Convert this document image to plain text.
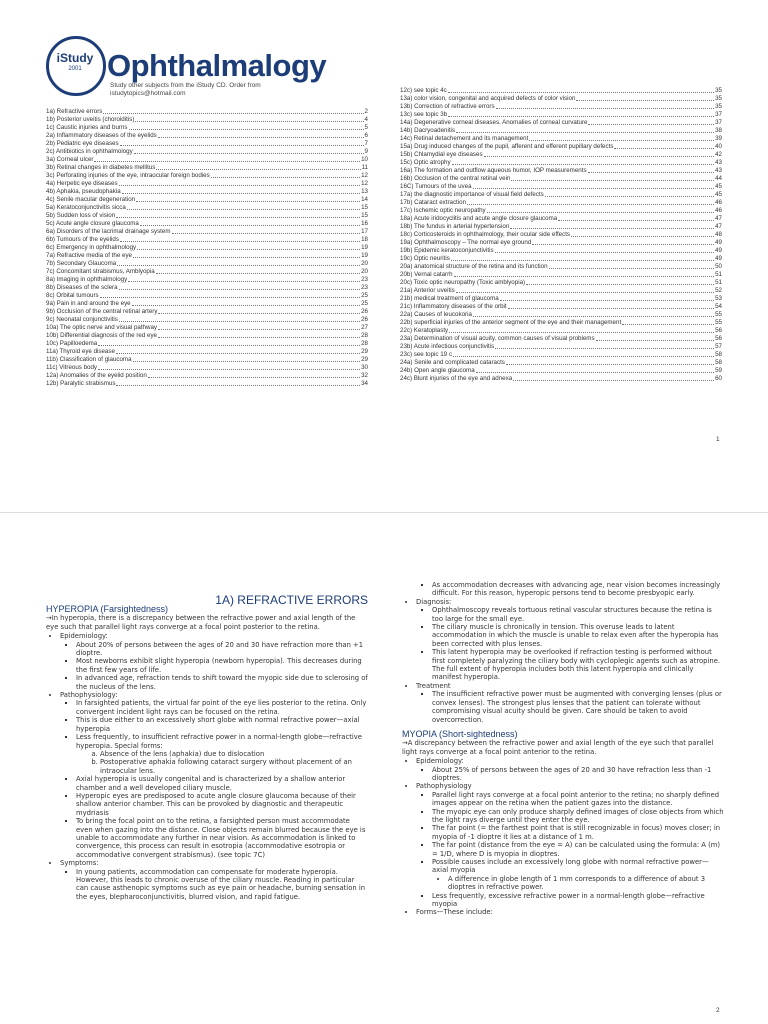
iStudy
2001 Ophthalmalogy
Study other subjects from the iStudy CD. Order from
istudytopics@hotmail.com
1a) Refractive errors	2
1b) Posterior uveitis (choroiditis)	4
1c) Caustic injuries and burns	5
2a) Inflammatory diseases of the eyelids	6
2b) Pediatric eye diseases	7
2c) Antibiotics in ophthalmology	9
3a) Corneal ulcer	10
3b) Retinal changes in diabetes mellitus	11
3c) Perforating injuries of the eye, intraocular foreign bodies	12
4a) Herpetic eye diseases	12
4b) Aphakia, pseudophakia	13
4c) Senile macular degeneration	14
5a) Keratoconjunctivitis sicca	15
5b) Sudden loss of vision	15
5c) Acute angle closure glaucoma	16
6a) Disorders of the lacrimal drainage system	17
6b) Tumours of the eyelids	18
6c) Emergency in ophthalmology	19
7a) Refractive media of the eye	19
7b) Secondary Glaucoma	20
7c) Concomitant strabismus, Amblyopia	20
8a) Imaging in ophthalmology	23
8b) Diseases of the sclera	23
8c) Orbital tumours	25
9a) Pain in and around the eye	25
9b) Occlusion of the central retinal artery	26
9c) Neonatal conjunctivitis	26
10a) The optic nerve and visual pathway	27
10b) Differential diagnosis of the red eye	28
10c) Papilloedema	28
11a) Thyroid eye disease	29
11b) Classification of glaucoma	29
11c) Vitreous body	30
12a) Anomalies of the eyelid position	32
12b) Paralytic strabismus	34
12c) see topic 4c	35
13a) color vision, congenital and acquired defects of color vision	35
13b) Correction of refractive errors	35
13c) see topic 3b	37
14a) Degenerative corneal diseases. Anomalies of corneal curvature	37
14b) Dacryoadenitis	38
14c) Retinal detachement and its management	39
15a) Drug induced changes of the pupil, afferent and efferent pupillary defects	40
15b) Chlamydial eye diseases	42
15c) Optic atrophy	43
16a) The formation and outflow aqueous humor, IOP measurements	43
16b) Occlusion of the central retinal vein	44
16C) Tumours of the uvea	45
17a) the diagnostic importance of visual field defects	45
17b) Cataract extraction	46
17c) Ischemic optic neuropathy	46
18a) Acute iridocyclitis and acute angle closure glaucoma	47
18b) The fundus in arterial hypertension	47
18c) Corticosteroids in ophthalmology, their ocular side effects	48
19a) Ophthalmoscopy – The normal eye ground	49
19b) Epidemic keratoconjunctivitis	49
19c) Optic neuritis	49
20a) anatomical structure of the retina and its function	50
20b) Vernal catarrh	51
20c) Toxic optic neuropathy (Toxic amblyopia)	51
21a) Anterior uveitis	52
21b) medical treatment of glaucoma	53
21c) Inflammatory diseases of the orbit	54
22a) Causes of leucokoria	55
22b) superficial injuries of the anterior segment of the eye and their management	55
22c) Keratoplasty	56
23a) Determination of visual acuity. common causes of visual problems	56
23b) Acute infectious conjunctivitis	57
23c) see topic 19 c	58
24a) Senile and complicated cataracts	58
24b) Open angle glaucoma	59
24c) Blunt injuries of the eye and adnexa	60
1
1A) REFRACTIVE ERRORS
HYPEROPIA (Farsightedness)
→In hyperopia, there is a discrepancy between the refractive power and axial length of the eye such that parallel light rays converge at a focal point posterior to the retina.
• Epidemiology:
▪ About 20% of persons between the ages of 20 and 30 have refraction more than +1 dioptre.
▪ Most newborns exhibit slight hyperopia (newborn hyperopia). This decreases during the first few years of life.
▪ In advanced age, refraction tends to shift toward the myopic side due to sclerosing of the nucleus of the lens.
• Pathophysiology:
▪ In farsighted patients, the virtual far point of the eye lies posterior to the retina. Only convergent incident light rays can be focused on the retina.
▪ This is due either to an excessively short globe with normal refractive power—axial hyperopia
▪ Less frequently, to insufficient refractive power in a normal-length globe—refractive hyperopia. Special forms:
a. Absence of the lens (aphakia) due to dislocation
b. Postoperative aphakia following cataract surgery without placement of an intraocular lens.
▪ Axial hyperopia is usually congenital and is characterized by a shallow anterior chamber and a well developed ciliary muscle.
▪ Hyperopic eyes are predisposed to acute angle closure glaucoma because of their shallow anterior chamber. This can be provoked by diagnostic and therapeutic mydriasis
▪ To bring the focal point on to the retina, a farsighted person must accommodate even when gazing into the distance. Close objects remain blurred because the eye is unable to accommodate any further in near vision. As accommodation is linked to convergence, this process can result in esotropia (accommodative esotropia or accommodative convergent strabismus). (see topic 7C)
• Symptoms:
▪ In young patients, accommodation can compensate for moderate hyperopia. However, this leads to chronic overuse of the ciliary muscle. Reading in particular can cause asthenopic symptoms such as eye pain or headache, burning sensation in the eyes, blepharoconjunctivitis, blurred vision, and rapid fatigue.
▪ As accommodation decreases with advancing age, near vision becomes increasingly difficult. For this reason, hyperopic persons tend to become presbyopic early.
• Diagnosis:
▪ Ophthalmoscopy reveals tortuous retinal vascular structures because the retina is too large for the small eye.
▪ The ciliary muscle is chronically in tension. This overuse leads to latent accommodation in which the muscle is unable to relax even after the hyperopia has been corrected with plus lenses.
▪ This latent hyperopia may be overlooked if refraction testing is performed without first completely paralyzing the ciliary body with cycloplegic agents such as atropine. The full extent of hyperopia includes both this latent hyperopia and clinically manifest hyperopia.
• Treatment
▪ The insufficient refractive power must be augmented with converging lenses (plus or convex lenses). The strongest plus lenses that the patient can tolerate without compromising visual acuity should be given. Care should be taken to avoid overcorrection.
MYOPIA (Short-sightedness)
→A discrepancy between the refractive power and axial length of the eye such that parallel light rays converge at a focal point anterior to the retina.
• Epidemiology:
▪ About 25% of persons between the ages of 20 and 30 have refraction less than -1 dioptres.
• Pathophysiology
▪ Parallel light rays converge at a focal point anterior to the retina; no sharply defined images appear on the retina when the patient gazes into the distance.
▪ The myopic eye can only produce sharply defined images of close objects from which the light rays diverge until they enter the eye.
▪ The far point (= the farthest point that is still recognizable in focus) moves closer; in myopia of -1 dioptre it lies at a distance of 1 m.
▪ The far point (distance from the eye = A) can be calculated using the formula: A (m) = 1/D, where D is myopia in dioptres.
▪ Possible causes include an excessively long globe with normal refractive power—axial myopia
• A difference in globe length of 1 mm corresponds to a difference of about 3 dioptres in refractive power.
▪ Less frequently, excessive refractive power in a normal-length globe—refractive myopia
• Forms—These include:
2
